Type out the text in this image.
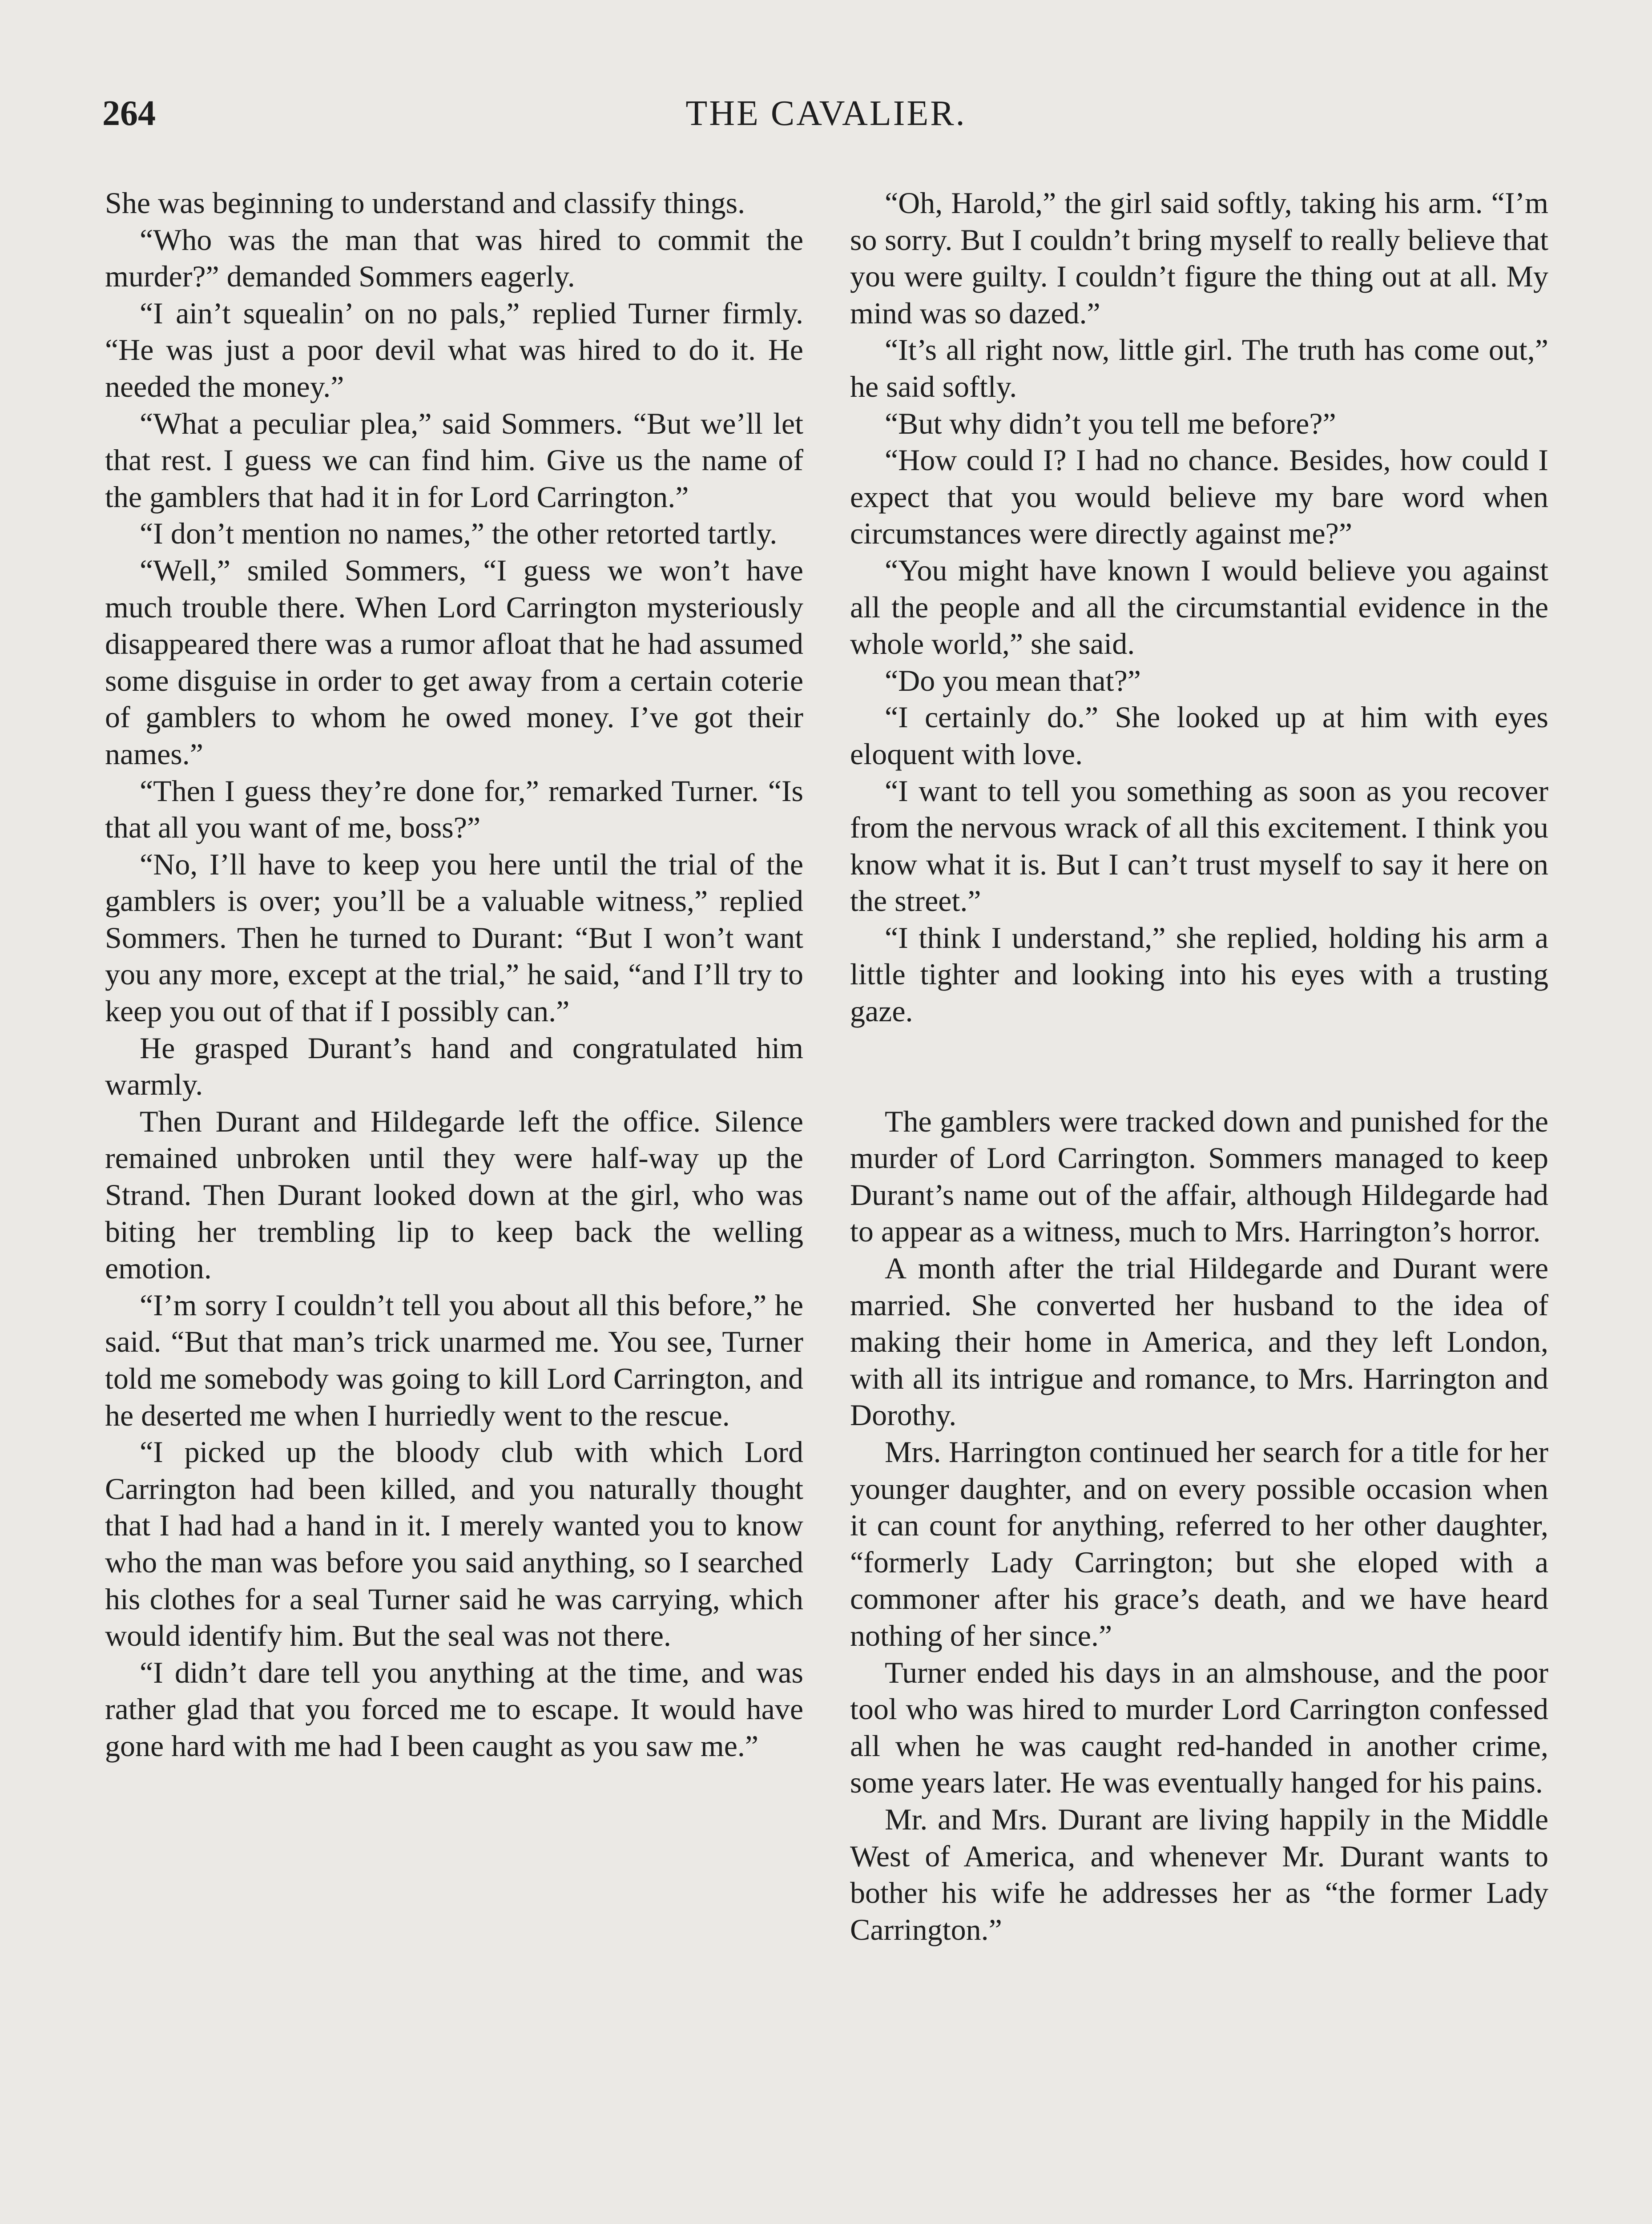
264	THE CAVALIER.

She was beginning to understand and classify things.

“Who was the man that was hired to commit the murder?” demanded Sommers eagerly.

“I ain’t squealin’ on no pals,” replied Turner firmly. “He was just a poor devil what was hired to do it. He needed the money.”

“What a peculiar plea,” said Sommers. “But we’ll let that rest. I guess we can find him. Give us the name of the gamblers that had it in for Lord Carrington.”

“I don’t mention no names,” the other retorted tartly.

“Well,” smiled Sommers, “I guess we won’t have much trouble there. When Lord Carrington mysteriously disappeared there was a rumor afloat that he had assumed some disguise in order to get away from a certain coterie of gamblers to whom he owed money. I’ve got their names.”

“Then I guess they’re done for,” remarked Turner. “Is that all you want of me, boss?”

“No, I’ll have to keep you here until the trial of the gamblers is over; you’ll be a valuable witness,” replied Sommers. Then he turned to Durant: “But I won’t want you any more, except at the trial,” he said, “and I’ll try to keep you out of that if I possibly can.”

He grasped Durant’s hand and congratulated him warmly.

Then Durant and Hildegarde left the office. Silence remained unbroken until they were half-way up the Strand. Then Durant looked down at the girl, who was biting her trembling lip to keep back the welling emotion.

“I’m sorry I couldn’t tell you about all this before,” he said. “But that man’s trick unarmed me. You see, Turner told me somebody was going to kill Lord Carrington, and he deserted me when I hurriedly went to the rescue.

“I picked up the bloody club with which Lord Carrington had been killed, and you naturally thought that I had had a hand in it. I merely wanted you to know who the man was before you said anything, so I searched his clothes for a seal Turner said he was carrying, which would identify him. But the seal was not there.

“I didn’t dare tell you anything at the time, and was rather glad that you forced me to escape. It would have gone hard with me had I been caught as you saw me.”

“Oh, Harold,” the girl said softly, taking his arm. “I’m so sorry. But I couldn’t bring myself to really believe that you were guilty. I couldn’t figure the thing out at all. My mind was so dazed.”

“It’s all right now, little girl. The truth has come out,” he said softly.

“But why didn’t you tell me before?”

“How could I? I had no chance. Besides, how could I expect that you would believe my bare word when circumstances were directly against me?”

“You might have known I would believe you against all the people and all the circumstantial evidence in the whole world,” she said.

“Do you mean that?”

“I certainly do.” She looked up at him with eyes eloquent with love.

“I want to tell you something as soon as you recover from the nervous wrack of all this excitement. I think you know what it is. But I can’t trust myself to say it here on the street.”

“I think I understand,” she replied, holding his arm a little tighter and looking into his eyes with a trusting gaze.

The gamblers were tracked down and punished for the murder of Lord Carrington. Sommers managed to keep Durant’s name out of the affair, although Hildegarde had to appear as a witness, much to Mrs. Harrington’s horror.

A month after the trial Hildegarde and Durant were married. She converted her husband to the idea of making their home in America, and they left London, with all its intrigue and romance, to Mrs. Harrington and Dorothy.

Mrs. Harrington continued her search for a title for her younger daughter, and on every possible occasion when it can count for anything, referred to her other daughter, “formerly Lady Carrington; but she eloped with a commoner after his grace’s death, and we have heard nothing of her since.”

Turner ended his days in an almshouse, and the poor tool who was hired to murder Lord Carrington confessed all when he was caught red-handed in another crime, some years later. He was eventually hanged for his pains.

Mr. and Mrs. Durant are living happily in the Middle West of America, and whenever Mr. Durant wants to bother his wife he addresses her as “the former Lady Carrington.”
